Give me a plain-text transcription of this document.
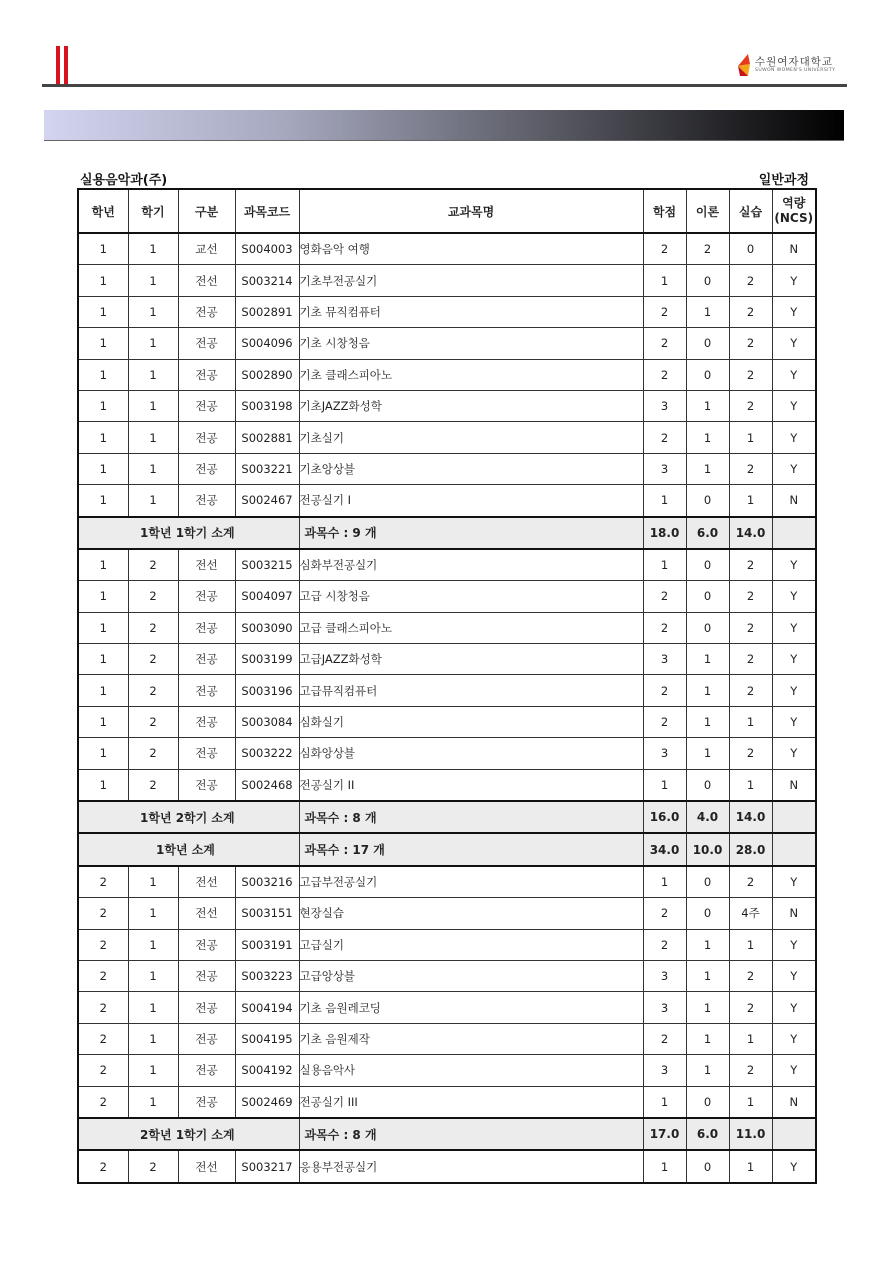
수원여자대학교
SUWON WOMEN'S UNIVERSITY
실용음악과(주)	일반과정
학년	학기	구분	과목코드	교과목명	학점	이론	실습	역량
(NCS)
1	1	교선	S004003	영화음악 여행	2	2	0	N
1	1	전선	S003214	기초부전공실기	1	0	2	Y
1	1	전공	S002891	기초 뮤직컴퓨터	2	1	2	Y
1	1	전공	S004096	기초 시창청음	2	0	2	Y
1	1	전공	S002890	기초 클래스피아노	2	0	2	Y
1	1	전공	S003198	기초JAZZ화성학	3	1	2	Y
1	1	전공	S002881	기초실기	2	1	1	Y
1	1	전공	S003221	기초앙상블	3	1	2	Y
1	1	전공	S002467	전공실기 I	1	0	1	N
1학년 1학기 소계				과목수 : 9 개	18.0	6.0	14.0	
1	2	전선	S003215	심화부전공실기	1	0	2	Y
1	2	전공	S004097	고급 시창청음	2	0	2	Y
1	2	전공	S003090	고급 클래스피아노	2	0	2	Y
1	2	전공	S003199	고급JAZZ화성학	3	1	2	Y
1	2	전공	S003196	고급뮤직컴퓨터	2	1	2	Y
1	2	전공	S003084	심화실기	2	1	1	Y
1	2	전공	S003222	심화앙상블	3	1	2	Y
1	2	전공	S002468	전공실기 II	1	0	1	N
1학년 2학기 소계				과목수 : 8 개	16.0	4.0	14.0	
1학년 소계				과목수 : 17 개	34.0	10.0	28.0	
2	1	전선	S003216	고급부전공실기	1	0	2	Y
2	1	전선	S003151	현장실습	2	0	4주	N
2	1	전공	S003191	고급실기	2	1	1	Y
2	1	전공	S003223	고급앙상블	3	1	2	Y
2	1	전공	S004194	기초 음원레코딩	3	1	2	Y
2	1	전공	S004195	기초 음원제작	2	1	1	Y
2	1	전공	S004192	실용음악사	3	1	2	Y
2	1	전공	S002469	전공실기 III	1	0	1	N
2학년 1학기 소계				과목수 : 8 개	17.0	6.0	11.0	
2	2	전선	S003217	응용부전공실기	1	0	1	Y
